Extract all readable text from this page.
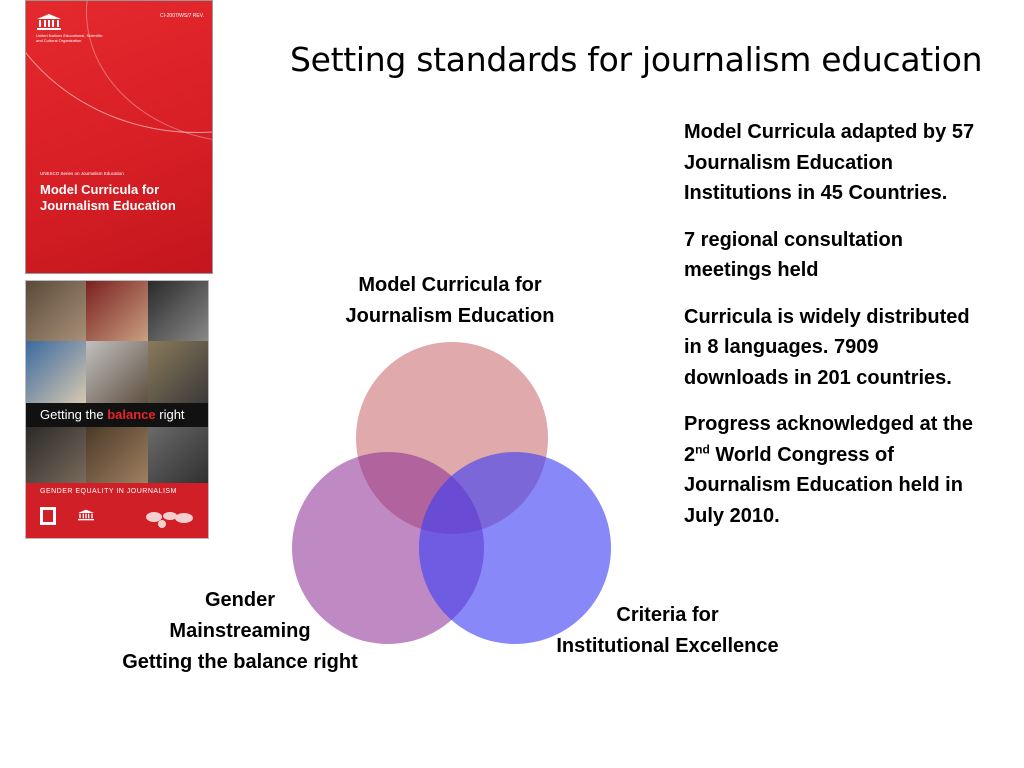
Setting standards for journalism education
United Nations Educational, Scientific and Cultural Organization
CI-2007/WS/7 REV.
UNESCO Series on Journalism Education
Model Curricula for
Journalism Education
Getting the balance right
GENDER EQUALITY IN JOURNALISM
Model Curricula for
Journalism Education
Gender
Mainstreaming
Getting the balance right
Criteria for
Institutional Excellence

Model Curricula adapted by 57 Journalism Education Institutions in 45 Countries.

7 regional consultation meetings held

Curricula is widely distributed in 8 languages. 7909 downloads in 201 countries.

Progress acknowledged at the 2nd World Congress of Journalism Education held in July 2010.
